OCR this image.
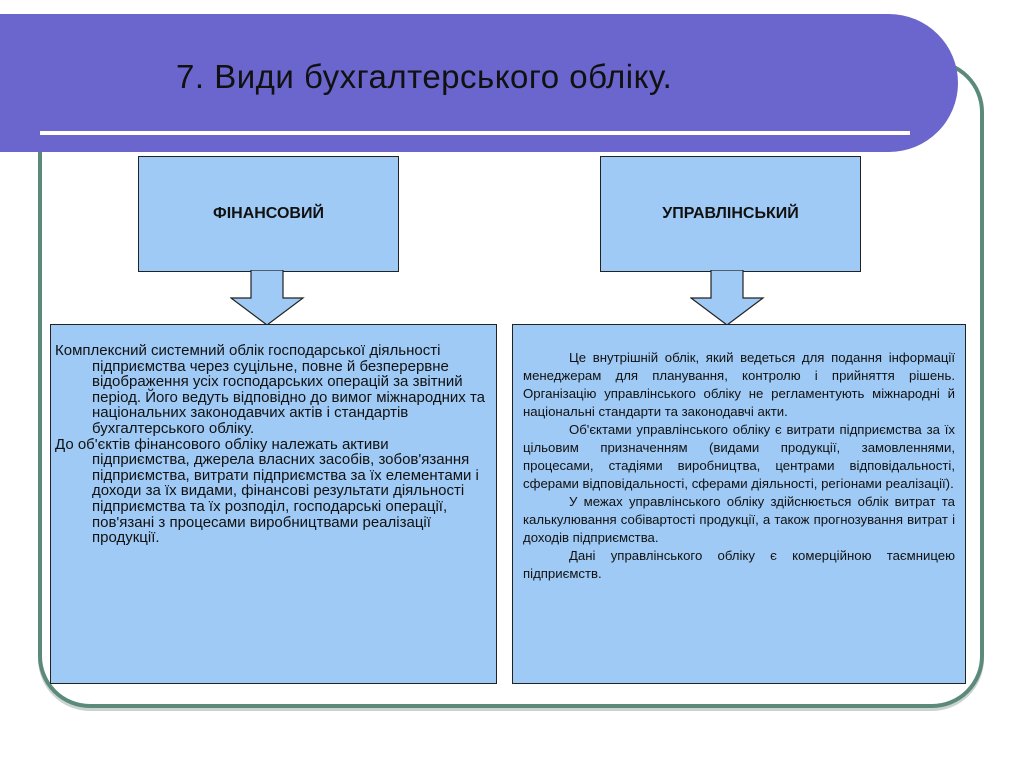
7. Види бухгалтерського обліку.
ФІНАНСОВИЙ	УПРАВЛІНСЬКИЙ

Комплексний системний облік господарської діяльності підприємства через суцільне, повне й безперервне відображення усіх господарських операцій за звітний період. Його ведуть відповідно до вимог міжнародних та національних законодавчих актів і стандартів бухгалтерського обліку.

До об'єктів фінансового обліку належать активи підприємства, джерела власних засобів, зобов'язання підприємства, витрати підприємства за їх елементами і доходи за їх видами, фінансові результати діяльності підприємства та їх розподіл, господарські операції, пов'язані з процесами виробництвами реалізації продукції.

Це внутрішній облік, який ведеться для подання інформації менеджерам для планування, контролю і прийняття рішень. Організацію управлінського обліку не регламентують міжнародні й національні стандарти та законодавчі акти.

Об'єктами управлінського обліку є витрати підприємства за їх цільовим призначенням (видами продукції, замовленнями, процесами, стадіями виробництва, центрами відповідальності, сферами відповідальності, сферами діяльності, регіонами реалізації).

У межах управлінського обліку здійснюється облік витрат та калькулювання собівартості продукції, а також прогнозування витрат і доходів підприємства.

Дані управлінського обліку є комерційною таємницею підприємств.
